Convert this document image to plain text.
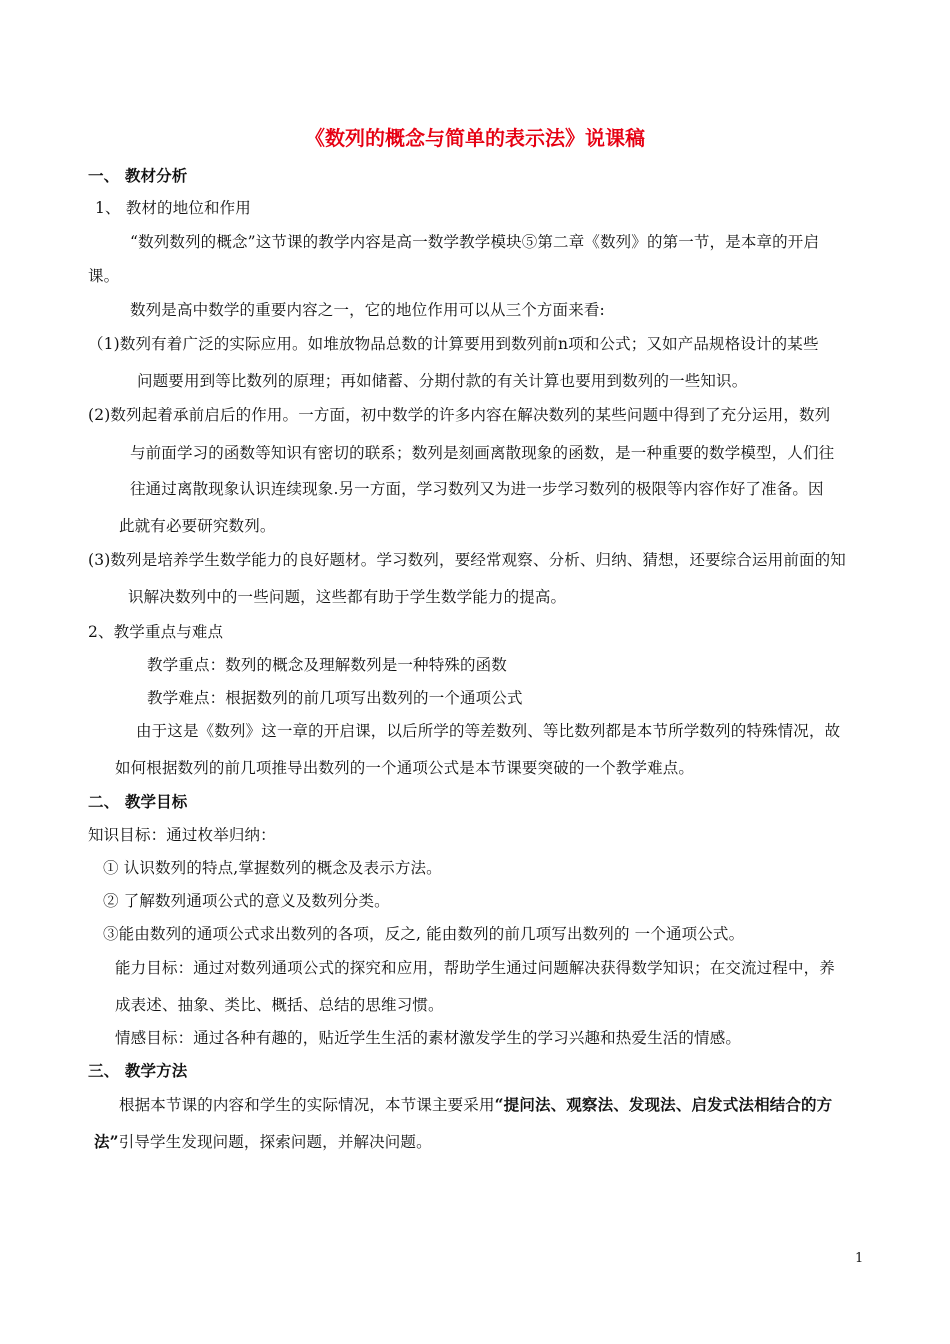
《数列的概念与简单的表示法》说课稿
一、 教材分析
1、 教材的地位和作用
“数列数列的概念”这节课的教学内容是高一数学教学模块⑤第二章《数列》的第一节，是本章的开启
课。
数列是高中数学的重要内容之一，它的地位作用可以从三个方面来看:
（1)数列有着广泛的实际应用。如堆放物品总数的计算要用到数列前n项和公式；又如产品规格设计的某些
问题要用到等比数列的原理；再如储蓄、分期付款的有关计算也要用到数列的一些知识。
(2)数列起着承前启后的作用。一方面，初中数学的许多内容在解决数列的某些问题中得到了充分运用，数列
与前面学习的函数等知识有密切的联系；数列是刻画离散现象的函数，是一种重要的数学模型，人们往
往通过离散现象认识连续现象.另一方面，学习数列又为进一步学习数列的极限等内容作好了准备。因
此就有必要研究数列。
(3)数列是培养学生数学能力的良好题材。学习数列，要经常观察、分析、归纳、猜想，还要综合运用前面的知
识解决数列中的一些问题，这些都有助于学生数学能力的提高。
2、教学重点与难点
教学重点：数列的概念及理解数列是一种特殊的函数
教学难点：根据数列的前几项写出数列的一个通项公式
由于这是《数列》这一章的开启课，以后所学的等差数列、等比数列都是本节所学数列的特殊情况，故
如何根据数列的前几项推导出数列的一个通项公式是本节课要突破的一个教学难点。
二、 教学目标
知识目标：通过枚举归纳：
① 认识数列的特点,掌握数列的概念及表示方法。
② 了解数列通项公式的意义及数列分类。
③能由数列的通项公式求出数列的各项，反之, 能由数列的前几项写出数列的 一个通项公式。
能力目标：通过对数列通项公式的探究和应用，帮助学生通过问题解决获得数学知识；在交流过程中，养
成表述、抽象、类比、概括、总结的思维习惯。
情感目标：通过各种有趣的，贴近学生生活的素材激发学生的学习兴趣和热爱生活的情感。
三、 教学方法
根据本节课的内容和学生的实际情况，本节课主要采用“提问法、观察法、发现法、启发式法相结合的方
法”引导学生发现问题，探索问题，并解决问题。
1
